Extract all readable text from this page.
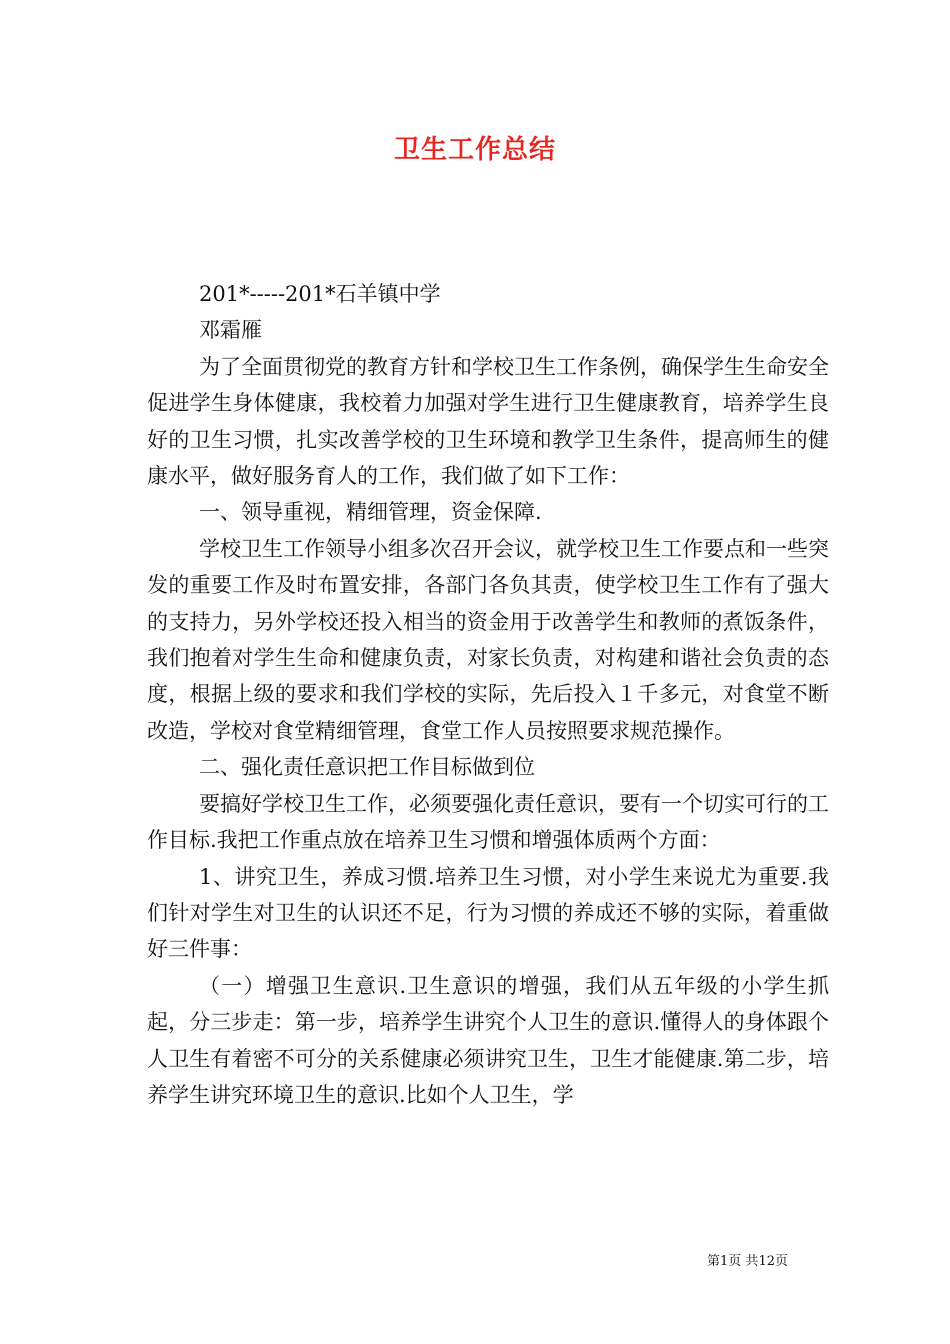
卫生工作总结

201*-----201*石羊镇中学

邓霜雁

为了全面贯彻党的教育方针和学校卫生工作条例，确保学生生命安全促进学生身体健康，我校着力加强对学生进行卫生健康教育，培养学生良好的卫生习惯，扎实改善学校的卫生环境和教学卫生条件，提高师生的健康水平，做好服务育人的工作，我们做了如下工作：

一、领导重视，精细管理，资金保障.

学校卫生工作领导小组多次召开会议，就学校卫生工作要点和一些突发的重要工作及时布置安排，各部门各负其责，使学校卫生工作有了强大的支持力，另外学校还投入相当的资金用于改善学生和教师的煮饭条件，我们抱着对学生生命和健康负责，对家长负责，对构建和谐社会负责的态度，根据上级的要求和我们学校的实际，先后投入１千多元，对食堂不断改造，学校对食堂精细管理，食堂工作人员按照要求规范操作。

二、强化责任意识把工作目标做到位

要搞好学校卫生工作，必须要强化责任意识，要有一个切实可行的工作目标.我把工作重点放在培养卫生习惯和增强体质两个方面：

1、讲究卫生，养成习惯.培养卫生习惯，对小学生来说尤为重要.我们针对学生对卫生的认识还不足，行为习惯的养成还不够的实际，着重做好三件事：

（一）增强卫生意识.卫生意识的增强，我们从五年级的小学生抓起，分三步走：第一步，培养学生讲究个人卫生的意识.懂得人的身体跟个人卫生有着密不可分的关系健康必须讲究卫生，卫生才能健康.第二步，培养学生讲究环境卫生的意识.比如个人卫生，学

第1页 共12页
